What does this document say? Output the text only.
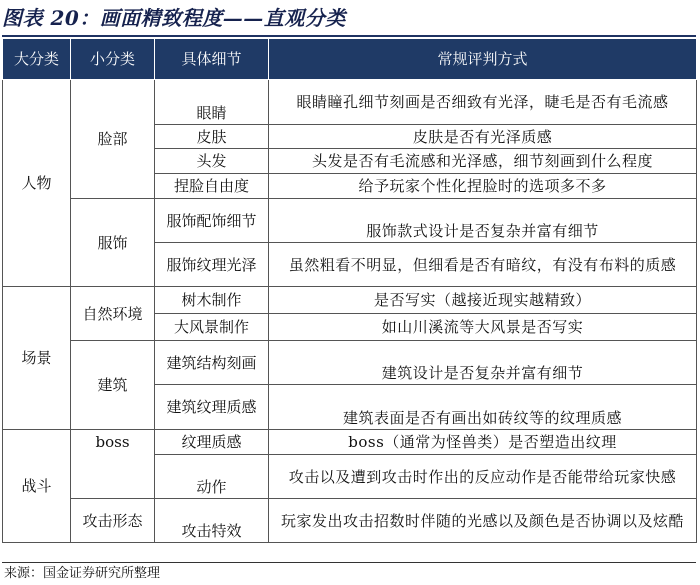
图表 20：画面精致程度——直观分类
大分类	小分类	具体细节	常规评判方式
人物	脸部	眼睛	眼睛瞳孔细节刻画是否细致有光泽，睫毛是否有毛流感
		皮肤	皮肤是否有光泽质感
		头发	头发是否有毛流感和光泽感，细节刻画到什么程度
		捏脸自由度	给予玩家个性化捏脸时的选项多不多
	服饰	服饰配饰细节	服饰款式设计是否复杂并富有细节
		服饰纹理光泽	虽然粗看不明显，但细看是否有暗纹，有没有布料的质感
场景	自然环境	树木制作	是否写实（越接近现实越精致）
		大风景制作	如山川溪流等大风景是否写实
	建筑	建筑结构刻画	建筑设计是否复杂并富有细节
		建筑纹理质感	建筑表面是否有画出如砖纹等的纹理质感
战斗	boss	纹理质感	boss（通常为怪兽类）是否塑造出纹理
		动作	攻击以及遭到攻击时作出的反应动作是否能带给玩家快感
	攻击形态	攻击特效	玩家发出攻击招数时伴随的光感以及颜色是否协调以及炫酷
来源：国金证券研究所整理
